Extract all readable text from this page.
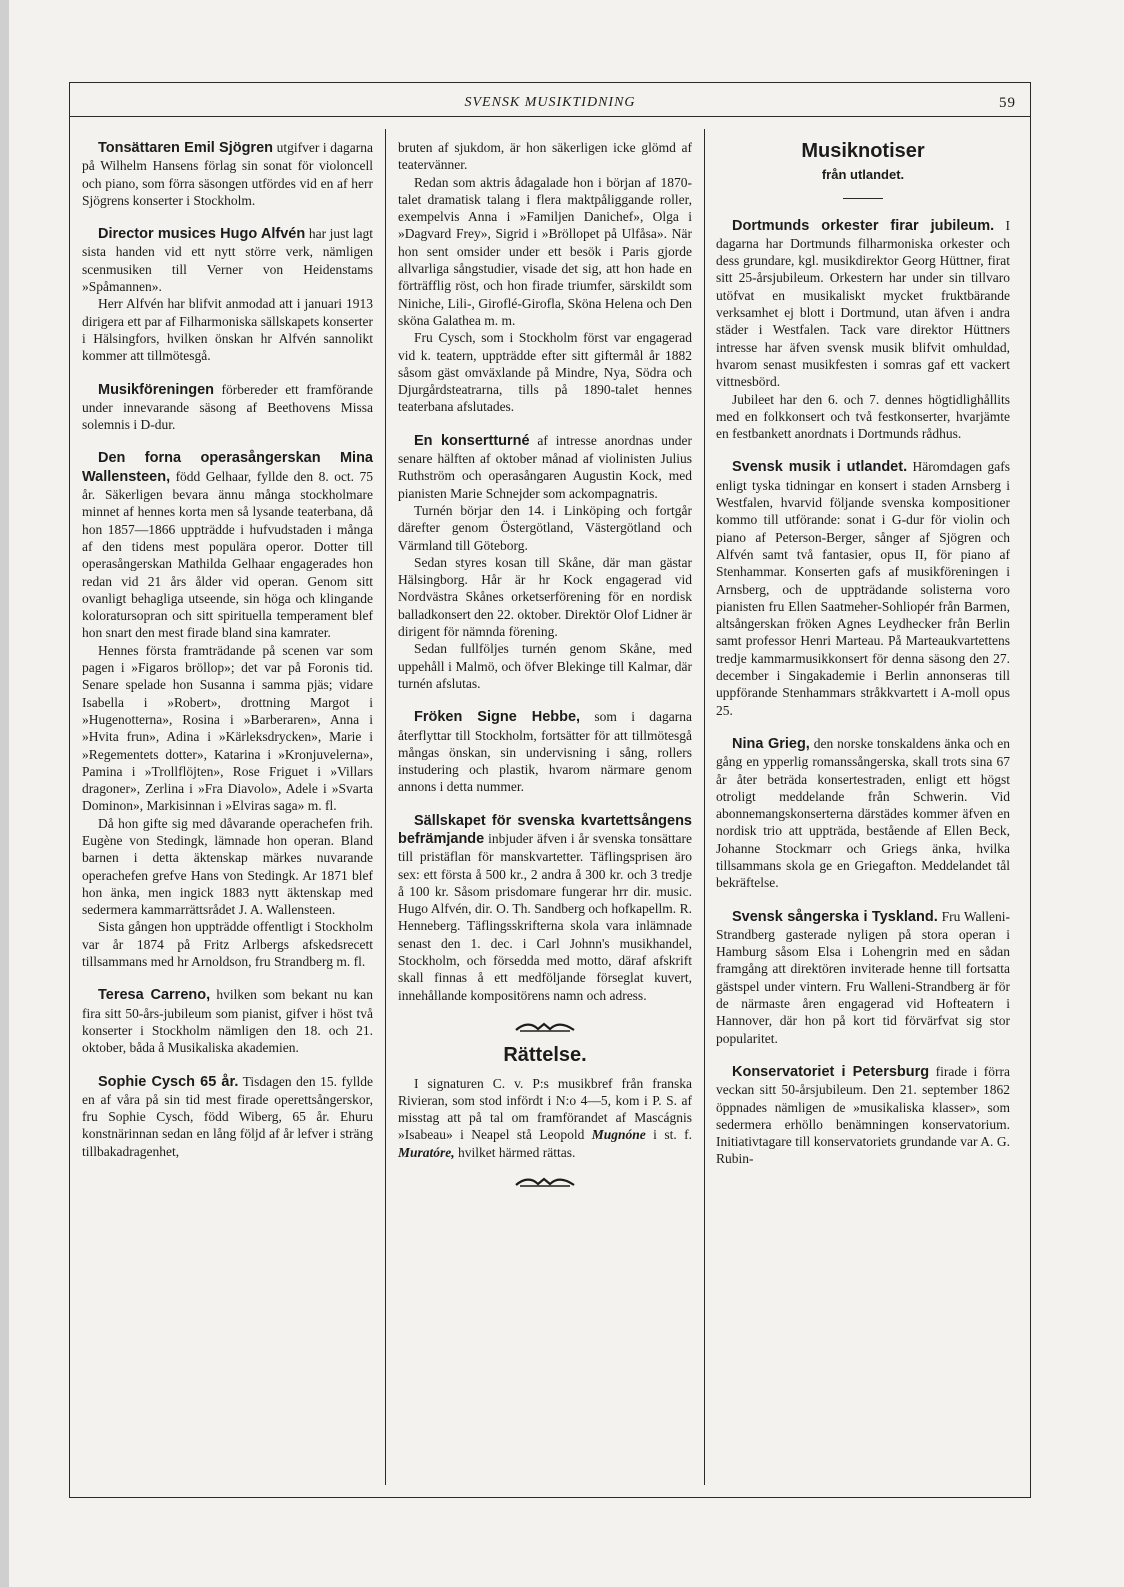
SVENSK MUSIKTIDNING	59

Tonsättaren Emil Sjögren utgifver i dagarna på Wilhelm Hansens förlag sin sonat för violoncell och piano, som förra säsongen utfördes vid en af herr Sjögrens konserter i Stockholm.

Director musices Hugo Alfvén har just lagt sista handen vid ett nytt större verk, nämligen scenmusiken till Verner von Heidenstams »Spåmannen».

Herr Alfvén har blifvit anmodad att i januari 1913 dirigera ett par af Filharmoniska sällskapets konserter i Hälsingfors, hvilken önskan hr Alfvén sannolikt kommer att tillmötesgå.

Musikföreningen förbereder ett framförande under innevarande säsong af Beethovens Missa solemnis i D-dur.

Den forna operasångerskan Mina Wallensteen, född Gelhaar, fyllde den 8. oct. 75 år. Säkerligen bevara ännu många stockholmare minnet af hennes korta men så lysande teaterbana, då hon 1857—1866 uppträdde i hufvudstaden i många af den tidens mest populära operor. Dotter till operasångerskan Mathilda Gelhaar engagerades hon redan vid 21 års ålder vid operan. Genom sitt ovanligt behagliga utseende, sin höga och klingande koloratursopran och sitt spirituella temperament blef hon snart den mest firade bland sina kamrater.

Hennes första framträdande på scenen var som pagen i »Figaros bröllop»; det var på Foronis tid. Senare spelade hon Susanna i samma pjäs; vidare Isabella i »Robert», drottning Margot i »Hugenotterna», Rosina i »Barberaren», Anna i »Hvita frun», Adina i »Kärleksdrycken», Marie i »Regementets dotter», Katarina i »Kronjuvelerna», Pamina i »Trollflöjten», Rose Friguet i »Villars dragoner», Zerlina i »Fra Diavolo», Adele i »Svarta Dominon», Markisinnan i »Elviras saga» m. fl.

Då hon gifte sig med dåvarande operachefen frih. Eugène von Stedingk, lämnade hon operan. Bland barnen i detta äktenskap märkes nuvarande operachefen grefve Hans von Stedingk. Ar 1871 blef hon änka, men ingick 1883 nytt äktenskap med sedermera kammarrättsrådet J. A. Wallensteen.

Sista gången hon uppträdde offentligt i Stockholm var år 1874 på Fritz Arlbergs afskedsrecett tillsammans med hr Arnoldson, fru Strandberg m. fl.

Teresa Carreno, hvilken som bekant nu kan fira sitt 50-års-jubileum som pianist, gifver i höst två konserter i Stockholm nämligen den 18. och 21. oktober, båda å Musikaliska akademien.

Sophie Cysch 65 år. Tisdagen den 15. fyllde en af våra på sin tid mest firade operettsångerskor, fru Sophie Cysch, född Wiberg, 65 år. Ehuru konstnärinnan sedan en lång följd af år lefver i sträng tillbakadragenhet,

bruten af sjukdom, är hon säkerligen icke glömd af teatervänner.

Redan som aktris ådagalade hon i början af 1870-talet dramatisk talang i flera maktpåliggande roller, exempelvis Anna i »Familjen Danichef», Olga i »Dagvard Frey», Sigrid i »Bröllopet på Ulfåsa». När hon sent omsider under ett besök i Paris gjorde allvarliga sångstudier, visade det sig, att hon hade en förträfflig röst, och hon firade triumfer, särskildt som Niniche, Lili-, Giroflé-Girofla, Sköna Helena och Den sköna Galathea m. m.

Fru Cysch, som i Stockholm först var engagerad vid k. teatern, uppträdde efter sitt giftermål år 1882 såsom gäst omväxlande på Mindre, Nya, Södra och Djurgårdsteatrarna, tills på 1890-talet hennes teaterbana afslutades.

En konsertturné af intresse anordnas under senare hälften af oktober månad af violinisten Julius Ruthström och operasångaren Augustin Kock, med pianisten Marie Schnejder som ackompagnatris.

Turnén börjar den 14. i Linköping och fortgår därefter genom Östergötland, Västergötland och Värmland till Göteborg.

Sedan styres kosan till Skåne, där man gästar Hälsingborg. Hår är hr Kock engagerad vid Nordvästra Skånes orketserförening för en nordisk balladkonsert den 22. oktober. Direktör Olof Lidner är dirigent för nämnda förening.

Sedan fullföljes turnén genom Skåne, med uppehåll i Malmö, och öfver Blekinge till Kalmar, där turnén afslutas.

Fröken Signe Hebbe, som i dagarna återflyttar till Stockholm, fortsätter för att tillmötesgå mångas önskan, sin undervisning i sång, rollers instudering och plastik, hvarom närmare genom annons i detta nummer.

Sällskapet för svenska kvartettsångens befrämjande inbjuder äfven i år svenska tonsättare till pristäflan för manskvartetter. Täflingsprisen äro sex: ett första å 500 kr., 2 andra å 300 kr. och 3 tredje å 100 kr. Såsom prisdomare fungerar hrr dir. music. Hugo Alfvén, dir. O. Th. Sandberg och hofkapellm. R. Henneberg. Täflingsskrifterna skola vara inlämnade senast den 1. dec. i Carl Johnn's musikhandel, Stockholm, och försedda med motto, däraf afskrift skall finnas å ett medföljande förseglat kuvert, innehållande kompositörens namn och adress.

Rättelse.

I signaturen C. v. P:s musikbref från franska Rivieran, som stod infördt i N:o 4—5, kom i P. S. af misstag att på tal om framförandet af Mascágnis »Isabeau» i Neapel stå Leopold Mugnóne i st. f. Muratóre, hvilket härmed rättas.

Musiknotiser
från utlandet.

Dortmunds orkester firar jubileum. I dagarna har Dortmunds filharmoniska orkester och dess grundare, kgl. musikdirektor Georg Hüttner, firat sitt 25-årsjubileum. Orkestern har under sin tillvaro utöfvat en musikaliskt mycket fruktbärande verksamhet ej blott i Dortmund, utan äfven i andra städer i Westfalen. Tack vare direktor Hüttners intresse har äfven svensk musik blifvit omhuldad, hvarom senast musikfesten i somras gaf ett vackert vittnesbörd.

Jubileet har den 6. och 7. dennes högtidlighållits med en folkkonsert och två festkonserter, hvarjämte en festbankett anordnats i Dortmunds rådhus.

Svensk musik i utlandet. Häromdagen gafs enligt tyska tidningar en konsert i staden Arnsberg i Westfalen, hvarvid följande svenska kompositioner kommo till utförande: sonat i G-dur för violin och piano af Peterson-Berger, sånger af Sjögren och Alfvén samt två fantasier, opus II, för piano af Stenhammar. Konserten gafs af musikföreningen i Arnsberg, och de uppträdande solisterna voro pianisten fru Ellen Saatmeher-Sohliopér från Barmen, altsångerskan fröken Agnes Leydhecker från Berlin samt professor Henri Marteau. På Marteaukvartettens tredje kammarmusikkonsert för denna säsong den 27. december i Singakademie i Berlin annonseras till uppförande Stenhammars stråkkvartett i A-moll opus 25.

Nina Grieg, den norske tonskaldens änka och en gång en ypperlig romanssångerska, skall trots sina 67 år åter beträda konsertestraden, enligt ett högst otroligt meddelande från Schwerin. Vid abonnemangskonserterna därstädes kommer äfven en nordisk trio att uppträda, bestående af Ellen Beck, Johanne Stockmarr och Griegs änka, hvilka tillsammans skola ge en Griegafton. Meddelandet tål bekräftelse.

Svensk sångerska i Tyskland. Fru Walleni-Strandberg gasterade nyligen på stora operan i Hamburg såsom Elsa i Lohengrin med en sådan framgång att direktören inviterade henne till fortsatta gästspel under vintern. Fru Walleni-Strandberg är för de närmaste åren engagerad vid Hofteatern i Hannover, där hon på kort tid förvärfvat sig stor popularitet.

Konservatoriet i Petersburg firade i förra veckan sitt 50-årsjubileum. Den 21. september 1862 öppnades nämligen de »musikaliska klasser», som sedermera erhöllo benämningen konservatorium. Initiativtagare till konservatoriets grundande var A. G. Rubin-
